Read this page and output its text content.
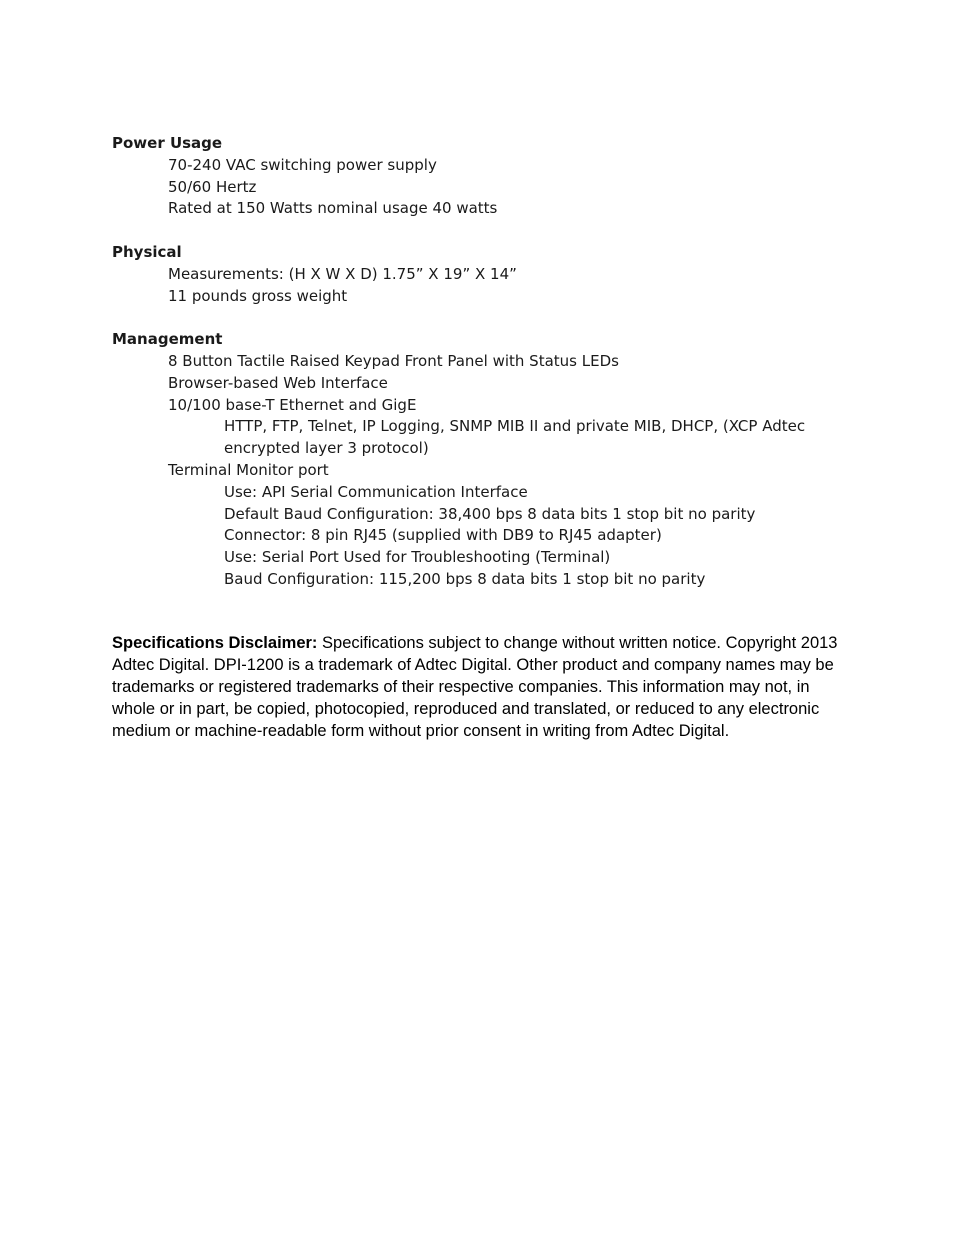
Power Usage
70-240 VAC switching power supply
50/60 Hertz
Rated at 150 Watts nominal usage 40 watts
Physical
Measurements: (H X W X D) 1.75” X 19” X 14”
11 pounds gross weight
Management
8 Button Tactile Raised Keypad Front Panel with Status LEDs
Browser-based Web Interface
10/100 base-T Ethernet and GigE
HTTP, FTP, Telnet, IP Logging, SNMP MIB II and private MIB, DHCP, (XCP Adtec encrypted layer 3 protocol)
Terminal Monitor port
Use: API Serial Communication Interface
Default Baud Configuration: 38,400 bps 8 data bits 1 stop bit no parity
Connector: 8 pin RJ45 (supplied with DB9 to RJ45 adapter)
Use: Serial Port Used for Troubleshooting (Terminal)
Baud Configuration: 115,200 bps 8 data bits 1 stop bit no parity

Specifications Disclaimer: Specifications subject to change without written notice. Copyright 2013 Adtec Digital. DPI-1200 is a trademark of Adtec Digital. Other product and company names may be trademarks or registered trademarks of their respective companies. This information may not, in whole or in part, be copied, photocopied, reproduced and translated, or reduced to any electronic medium or machine-readable form without prior consent in writing from Adtec Digital.
